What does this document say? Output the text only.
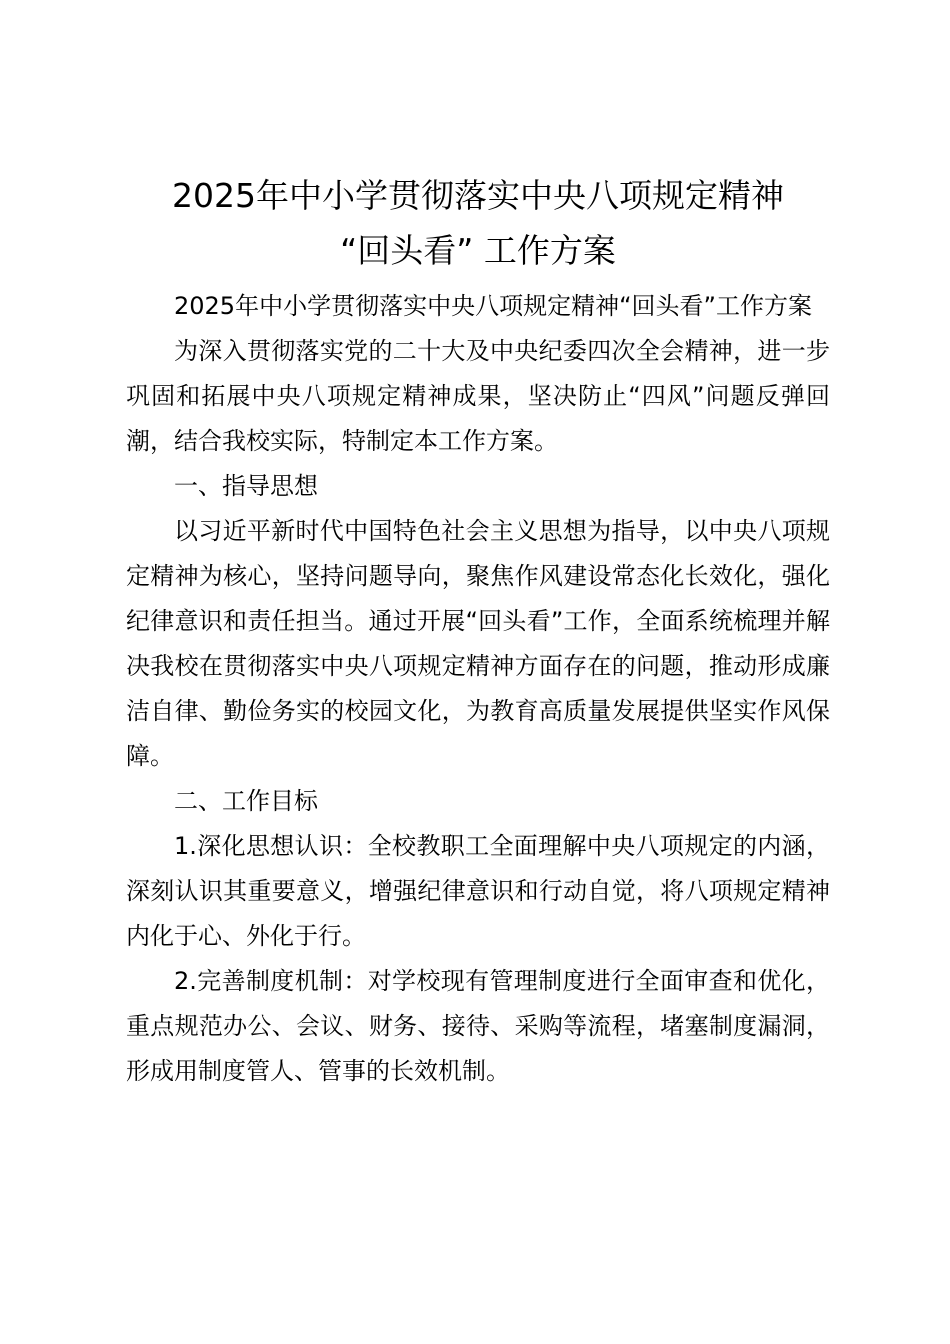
2025年中小学贯彻落实中央八项规定精神
“回头看” 工作方案

2025年中小学贯彻落实中央八项规定精神“回头看”工作方案

为深入贯彻落实党的二十大及中央纪委四次全会精神，进一步巩固和拓展中央八项规定精神成果，坚决防止“四风”问题反弹回潮，结合我校实际，特制定本工作方案。

一、指导思想

以习近平新时代中国特色社会主义思想为指导，以中央八项规定精神为核心，坚持问题导向，聚焦作风建设常态化长效化，强化纪律意识和责任担当。通过开展“回头看”工作，全面系统梳理并解决我校在贯彻落实中央八项规定精神方面存在的问题，推动形成廉洁自律、勤俭务实的校园文化，为教育高质量发展提供坚实作风保障。

二、工作目标

1.深化思想认识：全校教职工全面理解中央八项规定的内涵，深刻认识其重要意义，增强纪律意识和行动自觉，将八项规定精神内化于心、外化于行。

2.完善制度机制：对学校现有管理制度进行全面审查和优化，重点规范办公、会议、财务、接待、采购等流程，堵塞制度漏洞，形成用制度管人、管事的长效机制。
